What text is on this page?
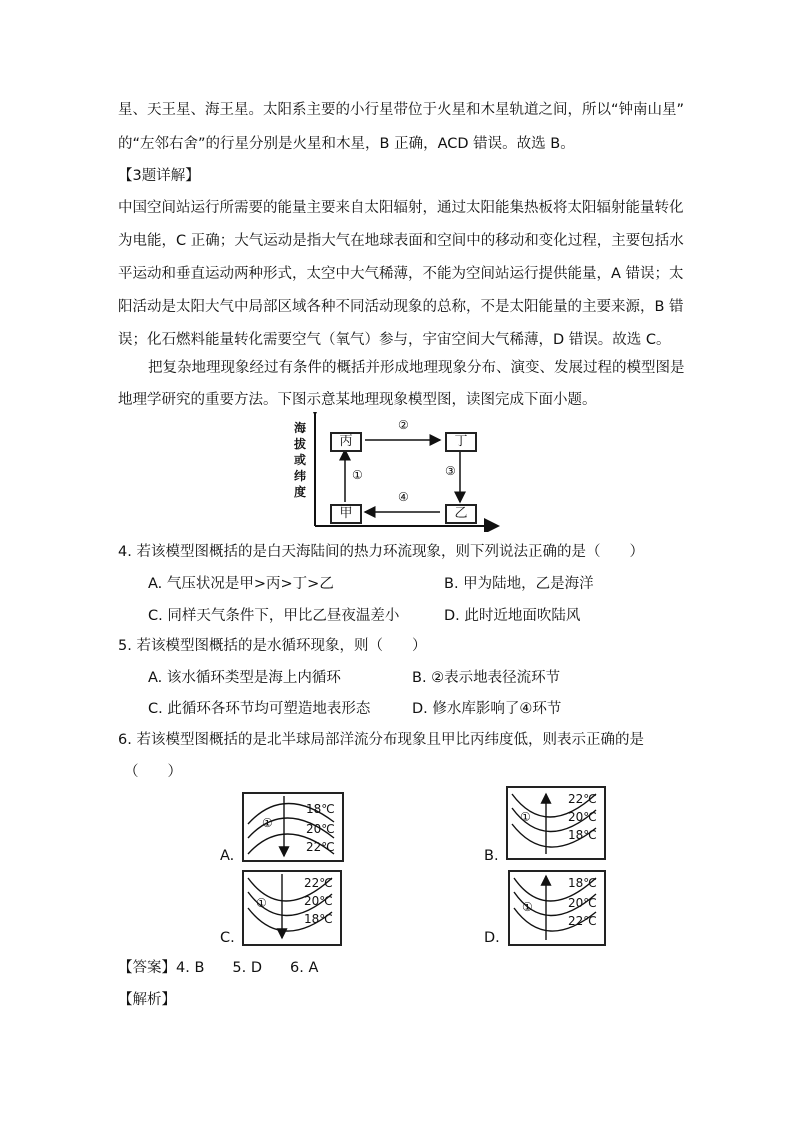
星、天王星、海王星。太阳系主要的小行星带位于火星和木星轨道之间，所以“钟南山星”

的“左邻右舍”的行星分别是火星和木星，B 正确，ACD 错误。故选 B。

【3题详解】

中国空间站运行所需要的能量主要来自太阳辐射，通过太阳能集热板将太阳辐射能量转化

为电能，C 正确；大气运动是指大气在地球表面和空间中的移动和变化过程，主要包括水

平运动和垂直运动两种形式，太空中大气稀薄，不能为空间站运行提供能量，A 错误；太

阳活动是太阳大气中局部区域各种不同活动现象的总称，不是太阳能量的主要来源，B 错

误；化石燃料能量转化需要空气（氧气）参与，宇宙空间大气稀薄，D 错误。故选 C。

把复杂地理现象经过有条件的概括并形成地理现象分布、演变、发展过程的模型图是

地理学研究的重要方法。下图示意某地理现象模型图，读图完成下面小题。

海
拔
或
纬
度
丙	丁
甲	乙
①
②
③
④

4. 若该模型图概括的是白天海陆间的热力环流现象，则下列说法正确的是（　　）

A. 气压状况是甲>丙>丁>乙	B. 甲为陆地，乙是海洋
C. 同样天气条件下，甲比乙昼夜温差小	D. 此时近地面吹陆风

5. 若该模型图概括的是水循环现象，则（　　）

A. 该水循环类型是海上内循环	B. ②表示地表径流环节
C. 此循环各环节均可塑造地表形态	D. 修水库影响了④环节

6. 若该模型图概括的是北半球局部洋流分布现象且甲比丙纬度低，则表示正确的是

（　　）

A.
18℃
20℃
22℃
①
B.
22℃
20℃
18℃
①
C.
22℃
20℃
18℃
①
D.
18℃
20℃
22℃
①

【答案】4. B 5. D 6. A

【解析】
